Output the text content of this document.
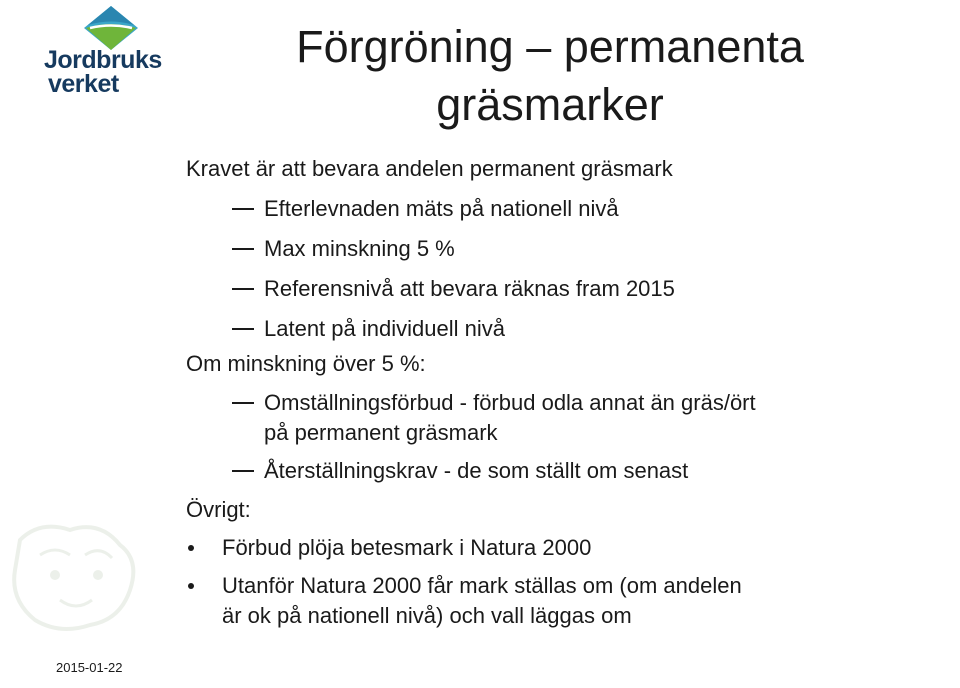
Jordbruks
verket
Förgröning – permanenta
gräsmarker
Kravet är att bevara andelen permanent gräsmark
Efterlevnaden mäts på nationell nivå
Max minskning 5 %
Referensnivå att bevara räknas fram 2015
Latent på individuell nivå
Om minskning över 5 %:
Omställningsförbud - förbud odla annat än gräs/ört
på permanent gräsmark
Återställningskrav - de som ställt om senast
Övrigt:
Förbud plöja betesmark i Natura 2000
Utanför Natura 2000 får mark ställas om (om andelen
är ok på nationell nivå) och vall läggas om
2015-01-22
